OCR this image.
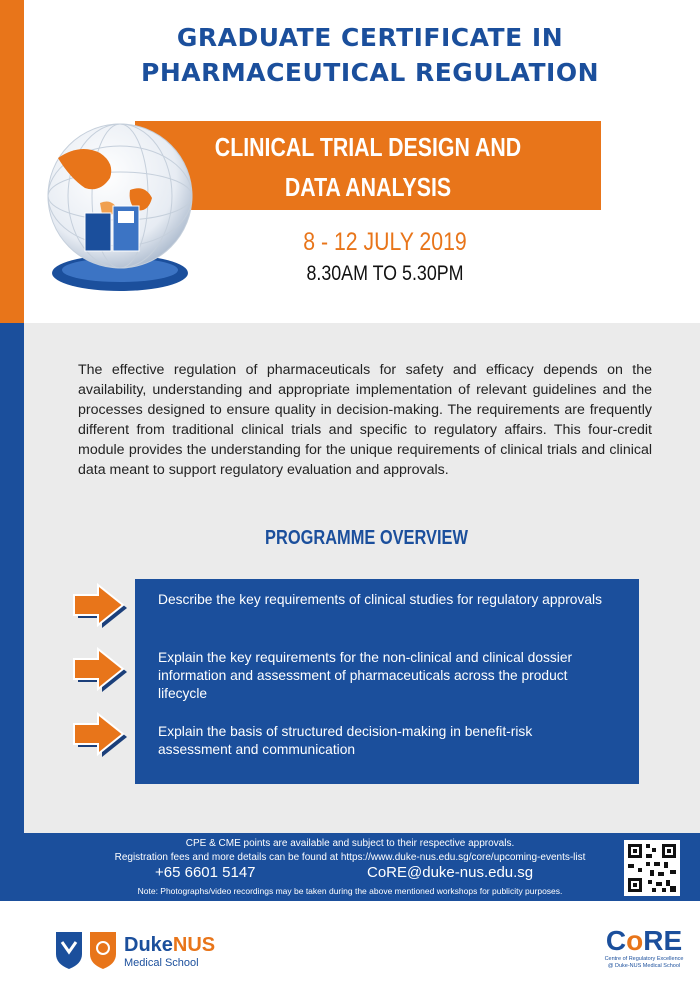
GRADUATE CERTIFICATE IN
PHARMACEUTICAL REGULATION
CLINICAL TRIAL DESIGN AND
DATA ANALYSIS
8 - 12 JULY 2019
8.30AM TO 5.30PM

The effective regulation of pharmaceuticals for safety and efficacy depends on the availability, understanding and appropriate implementation of relevant guidelines and the processes designed to ensure quality in decision-making. The requirements are frequently different from traditional clinical trials and specific to regulatory affairs. This four-credit module provides the understanding for the unique requirements of clinical trials and clinical data meant to support regulatory evaluation and approvals.

PROGRAMME OVERVIEW

Describe the key requirements of clinical studies for regulatory approvals

Explain the key requirements for the non-clinical and clinical dossier information and assessment of pharmaceuticals across the product lifecycle

Explain the basis of structured decision-making in benefit-risk assessment and communication

CPE & CME points are available and subject to their respective approvals.
Registration fees and more details can be found at https://www.duke-nus.edu.sg/core/upcoming-events-list
+65 6601 5147	CoRE@duke-nus.edu.sg
Note: Photographs/video recordings may be taken during the above mentioned workshops for publicity purposes.
DukeNUS
Medical School
CoRE
Centre of Regulatory Excellence
@ Duke-NUS Medical School
